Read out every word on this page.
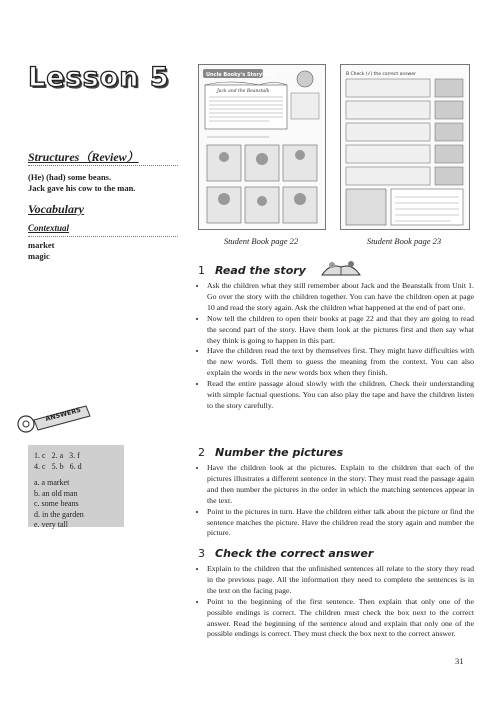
Lesson 5

Structures（Review）

(He) (had) some beans.

Jack gave his cow to the man.

Vocabulary

Contextual

market

magic

ANSWERS
1. c 2. a 3. f
4. c 5. b 6. d
a. a market
b. an old man
c. some beans
d. in the garden
e. very tall
Uncle Booky's Storytime
Jack and the Beanstalk
Student Book page 22
B Check (√) the correct answer
Student Book page 23
1 Read the story
• Ask the children what they still remember about Jack and the Beanstalk from Unit 1. Go over the story with the children together. You can have the children open at page 10 and read the story again. Ask the children what happened at the end of part one.
• Now tell the children to open their books at page 22 and that they are going to read the second part of the story. Have them look at the pictures first and then say what they think is going to happen in this part.
• Have the children read the text by themselves first. They might have difficulties with the new words. Tell them to guess the meaning from the context. You can also explain the words in the new words box when they finish.
• Read the entire passage aloud slowly with the children. Check their understanding with simple factual questions. You can also play the tape and have the children listen to the story carefully.
2 Number the pictures
• Have the children look at the pictures. Explain to the children that each of the pictures illustrates a different sentence in the story. They must read the passage again and then number the pictures in the order in which the matching sentences appear in the text.
• Point to the pictures in turn. Have the children either talk about the picture or find the sentence matches the picture. Have the children read the story again and number the picture.
3 Check the correct answer
• Explain to the children that the unfinished sentences all relate to the story they read in the previous page. All the information they need to complete the sentences is in the text on the facing page.
• Point to the beginning of the first sentence. Then explain that only one of the possible endings is correct. The children must check the box next to the correct answer. Read the beginning of the sentence aloud and explain that only one of the possible endings is correct. They must check the box next to the correct answer.
31
